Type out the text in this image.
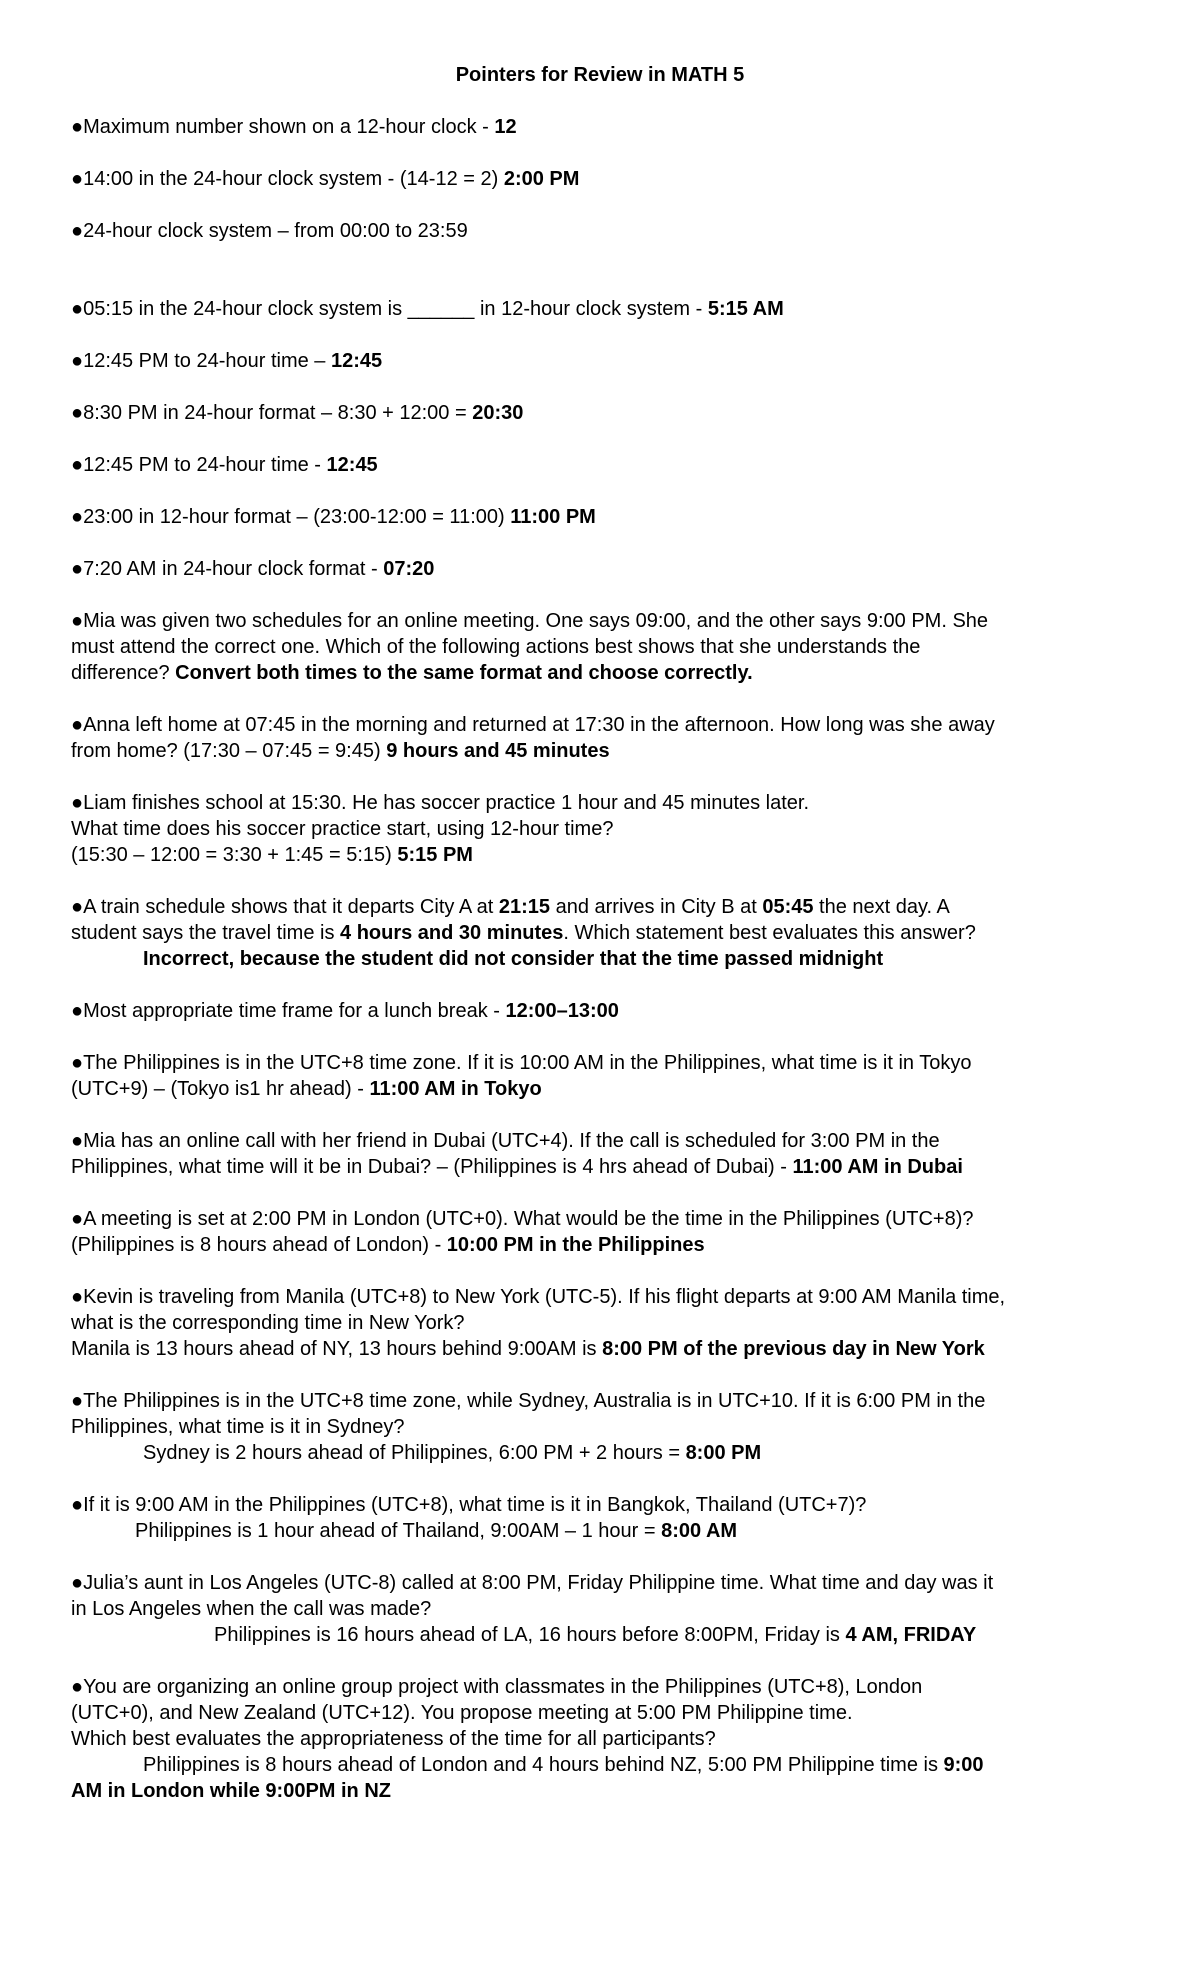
Pointers for Review in MATH 5
●Maximum number shown on a 12-hour clock - 12
●14:00 in the 24-hour clock system - (14-12 = 2) 2:00 PM
●24-hour clock system – from 00:00 to 23:59
●05:15 in the 24-hour clock system is ______ in 12-hour clock system - 5:15 AM
●12:45 PM to 24-hour time – 12:45
●8:30 PM in 24-hour format – 8:30 + 12:00 = 20:30
●12:45 PM to 24-hour time - 12:45
●23:00 in 12-hour format – (23:00-12:00 = 11:00) 11:00 PM
●7:20 AM in 24-hour clock format - 07:20
●Mia was given two schedules for an online meeting. One says 09:00, and the other says 9:00 PM. She
must attend the correct one. Which of the following actions best shows that she understands the
difference? Convert both times to the same format and choose correctly.
●Anna left home at 07:45 in the morning and returned at 17:30 in the afternoon. How long was she away
from home? (17:30 – 07:45 = 9:45) 9 hours and 45 minutes
●Liam finishes school at 15:30. He has soccer practice 1 hour and 45 minutes later.
What time does his soccer practice start, using 12-hour time?
(15:30 – 12:00 = 3:30 + 1:45 = 5:15) 5:15 PM
●A train schedule shows that it departs City A at 21:15 and arrives in City B at 05:45 the next day. A
student says the travel time is 4 hours and 30 minutes. Which statement best evaluates this answer?
Incorrect, because the student did not consider that the time passed midnight
●Most appropriate time frame for a lunch break - 12:00–13:00
●The Philippines is in the UTC+8 time zone. If it is 10:00 AM in the Philippines, what time is it in Tokyo
(UTC+9) – (Tokyo is1 hr ahead) - 11:00 AM in Tokyo
●Mia has an online call with her friend in Dubai (UTC+4). If the call is scheduled for 3:00 PM in the
Philippines, what time will it be in Dubai? – (Philippines is 4 hrs ahead of Dubai) - 11:00 AM in Dubai
●A meeting is set at 2:00 PM in London (UTC+0). What would be the time in the Philippines (UTC+8)?
(Philippines is 8 hours ahead of London) - 10:00 PM in the Philippines
●Kevin is traveling from Manila (UTC+8) to New York (UTC-5). If his flight departs at 9:00 AM Manila time,
what is the corresponding time in New York?
Manila is 13 hours ahead of NY, 13 hours behind 9:00AM is 8:00 PM of the previous day in New York
●The Philippines is in the UTC+8 time zone, while Sydney, Australia is in UTC+10. If it is 6:00 PM in the
Philippines, what time is it in Sydney?
Sydney is 2 hours ahead of Philippines, 6:00 PM + 2 hours = 8:00 PM
●If it is 9:00 AM in the Philippines (UTC+8), what time is it in Bangkok, Thailand (UTC+7)?
Philippines is 1 hour ahead of Thailand, 9:00AM – 1 hour = 8:00 AM
●Julia’s aunt in Los Angeles (UTC-8) called at 8:00 PM, Friday Philippine time. What time and day was it
in Los Angeles when the call was made?
Philippines is 16 hours ahead of LA, 16 hours before 8:00PM, Friday is 4 AM, FRIDAY
●You are organizing an online group project with classmates in the Philippines (UTC+8), London
(UTC+0), and New Zealand (UTC+12). You propose meeting at 5:00 PM Philippine time.
Which best evaluates the appropriateness of the time for all participants?
Philippines is 8 hours ahead of London and 4 hours behind NZ, 5:00 PM Philippine time is 9:00
AM in London while 9:00PM in NZ
